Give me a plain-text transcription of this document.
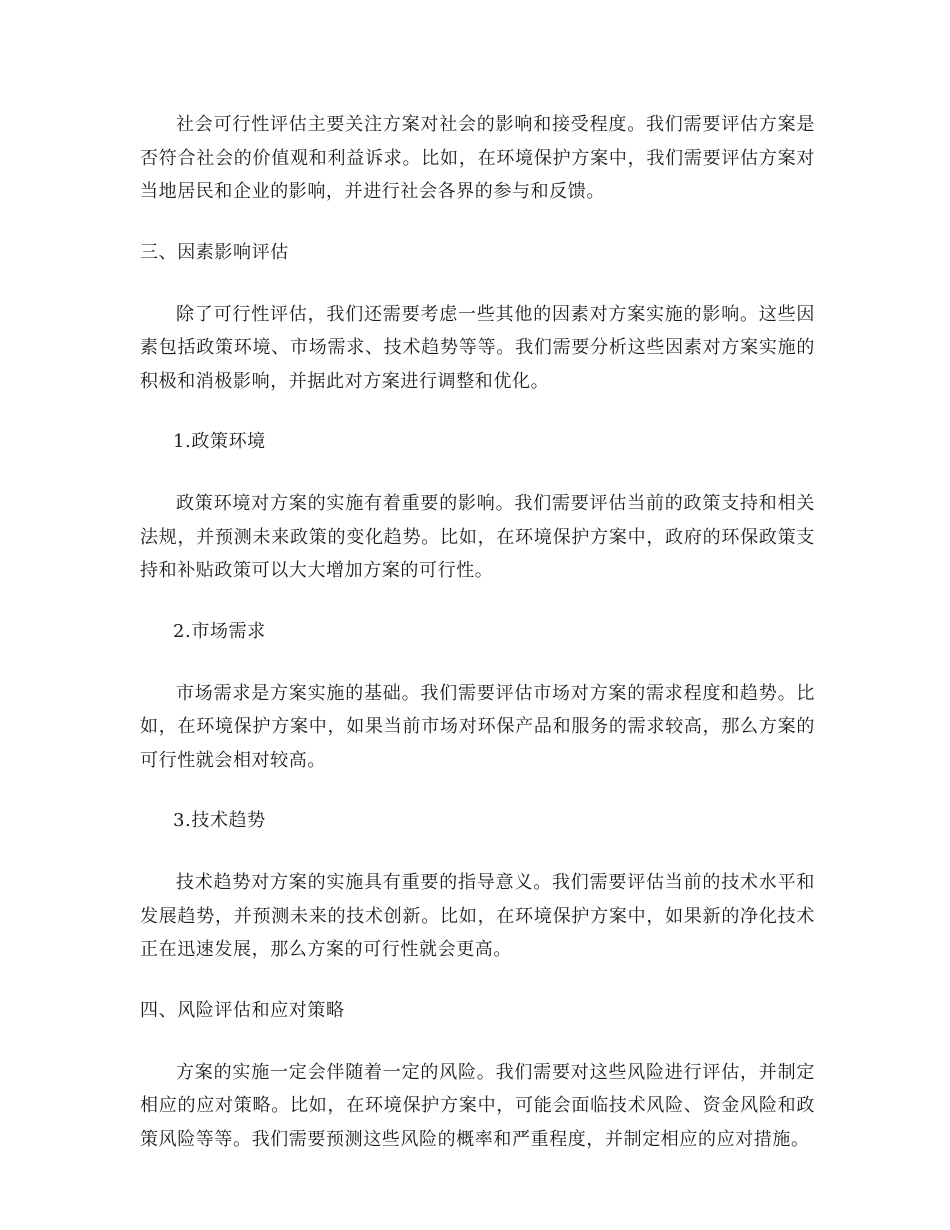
社会可行性评估主要关注方案对社会的影响和接受程度。我们需要评估方案是否符合社会的价值观和利益诉求。比如，在环境保护方案中，我们需要评估方案对当地居民和企业的影响，并进行社会各界的参与和反馈。

三、因素影响评估

除了可行性评估，我们还需要考虑一些其他的因素对方案实施的影响。这些因素包括政策环境、市场需求、技术趋势等等。我们需要分析这些因素对方案实施的积极和消极影响，并据此对方案进行调整和优化。

1.政策环境

政策环境对方案的实施有着重要的影响。我们需要评估当前的政策支持和相关法规，并预测未来政策的变化趋势。比如，在环境保护方案中，政府的环保政策支持和补贴政策可以大大增加方案的可行性。

2.市场需求

市场需求是方案实施的基础。我们需要评估市场对方案的需求程度和趋势。比如，在环境保护方案中，如果当前市场对环保产品和服务的需求较高，那么方案的可行性就会相对较高。

3.技术趋势

技术趋势对方案的实施具有重要的指导意义。我们需要评估当前的技术水平和发展趋势，并预测未来的技术创新。比如，在环境保护方案中，如果新的净化技术正在迅速发展，那么方案的可行性就会更高。

四、风险评估和应对策略

方案的实施一定会伴随着一定的风险。我们需要对这些风险进行评估，并制定相应的应对策略。比如，在环境保护方案中，可能会面临技术风险、资金风险和政策风险等等。我们需要预测这些风险的概率和严重程度，并制定相应的应对措施。
